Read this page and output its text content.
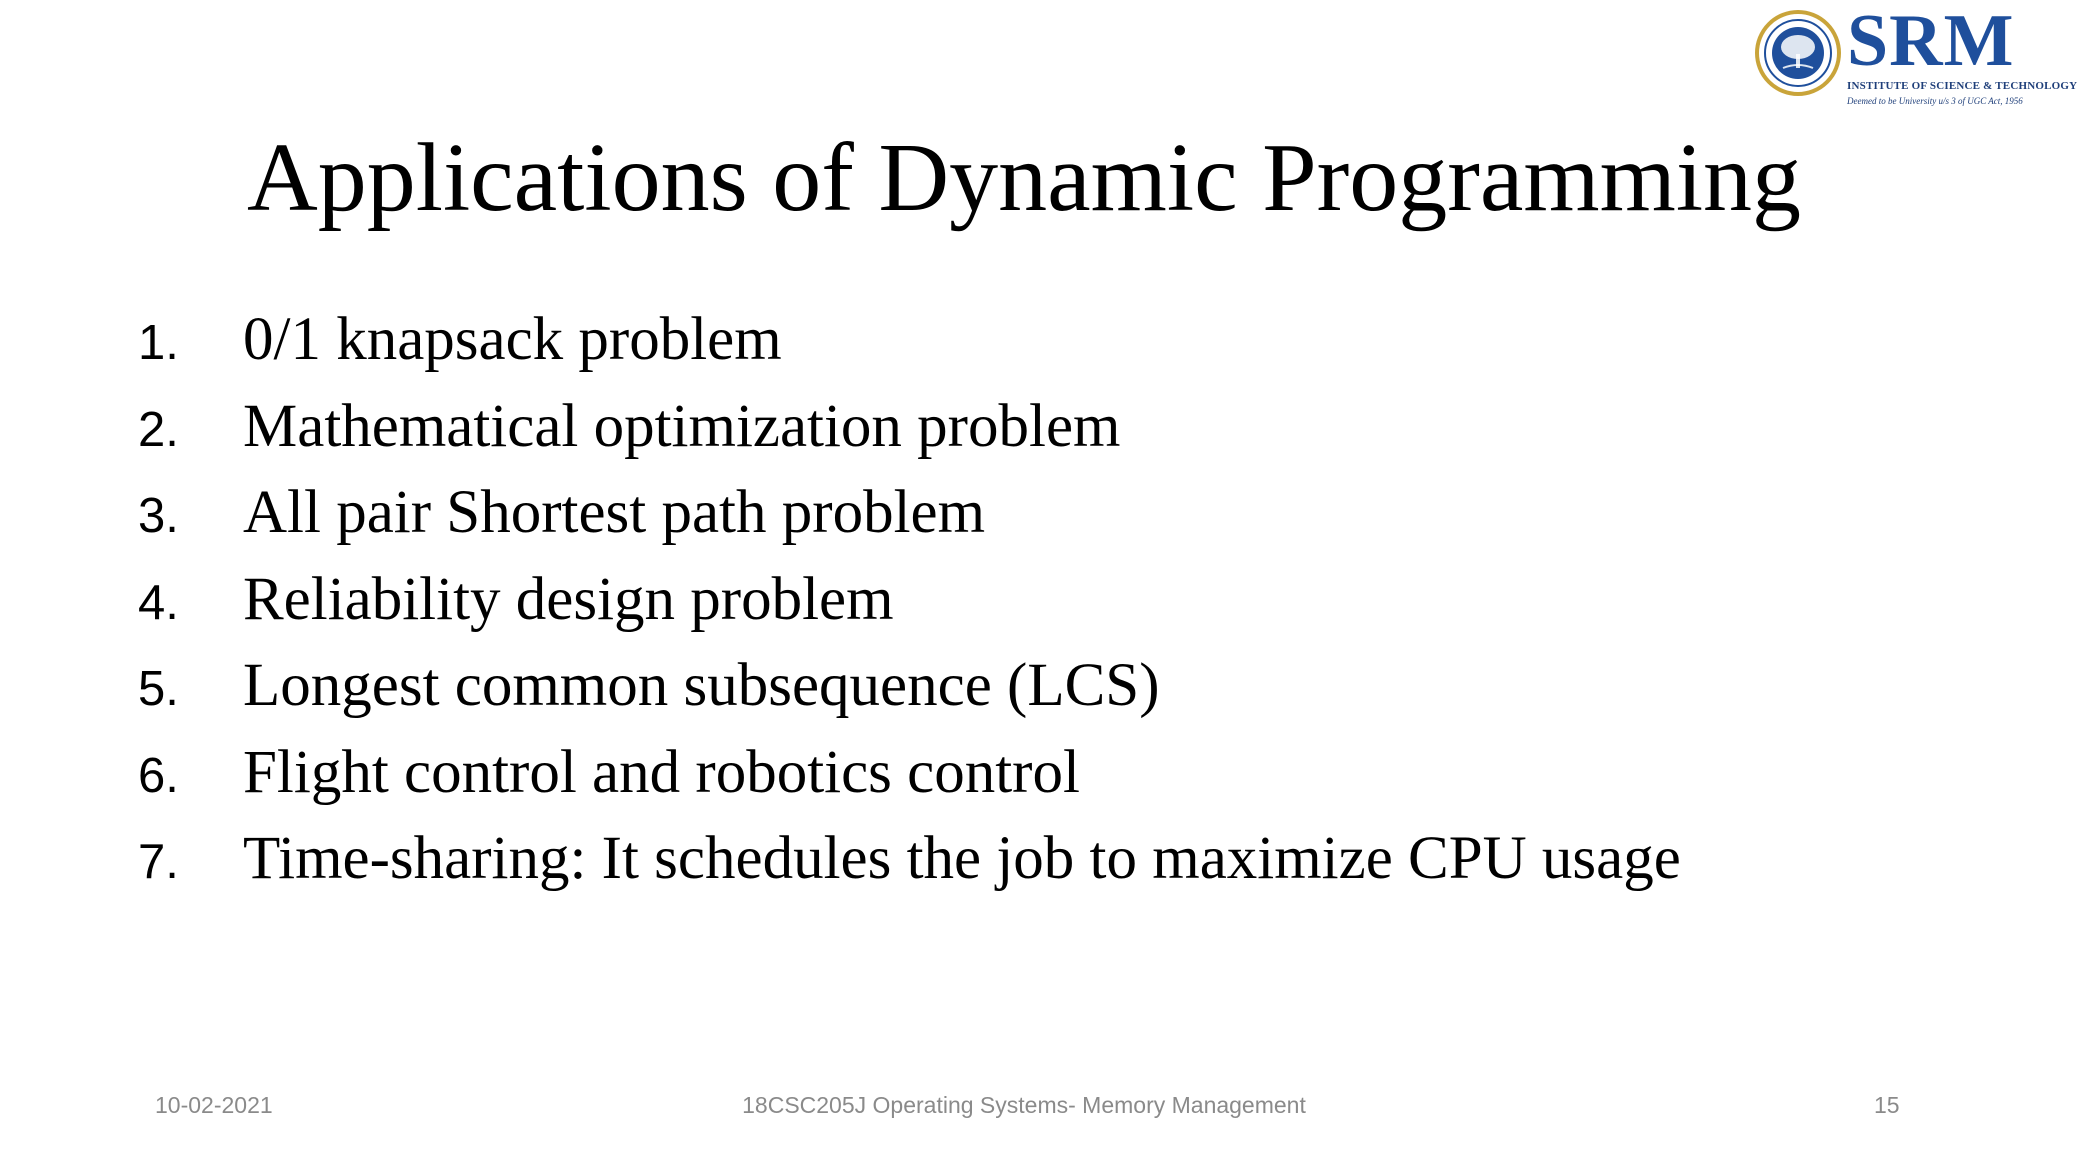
SRM
INSTITUTE OF SCIENCE & TECHNOLOGY
Deemed to be University u/s 3 of UGC Act, 1956
Applications of Dynamic Programming
1.	0/1 knapsack problem
2.	Mathematical optimization problem
3.	All pair Shortest path problem
4.	Reliability design problem
5.	Longest common subsequence (LCS)
6.	Flight control and robotics control
7.	Time-sharing: It schedules the job to maximize CPU usage
10-02-2021	18CSC205J Operating Systems- Memory Management	15
